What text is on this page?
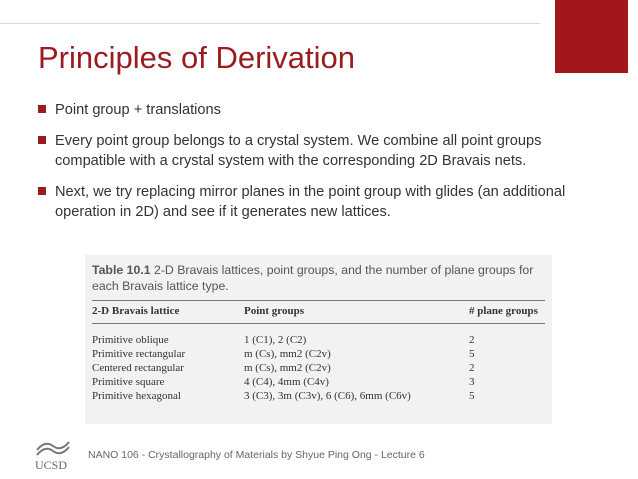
Principles of Derivation
Point group + translations
Every point group belongs to a crystal system. We combine all point groups compatible with a crystal system with the corresponding 2D Bravais nets.
Next, we try replacing mirror planes in the point group with glides (an additional operation in 2D) and see if it generates new lattices.
Table 10.1 2-D Bravais lattices, point groups, and the number of plane groups for each Bravais lattice type.
2-D Bravais lattice	Point groups	# plane groups
Primitive oblique	1 (C1), 2 (C2)	2
Primitive rectangular	m (Cs), mm2 (C2v)	5
Centered rectangular	m (Cs), mm2 (C2v)	2
Primitive square	4 (C4), 4mm (C4v)	3
Primitive hexagonal	3 (C3), 3m (C3v), 6 (C6), 6mm (C6v)	5
UCSD
NANO 106 - Crystallography of Materials by Shyue Ping Ong - Lecture 6
